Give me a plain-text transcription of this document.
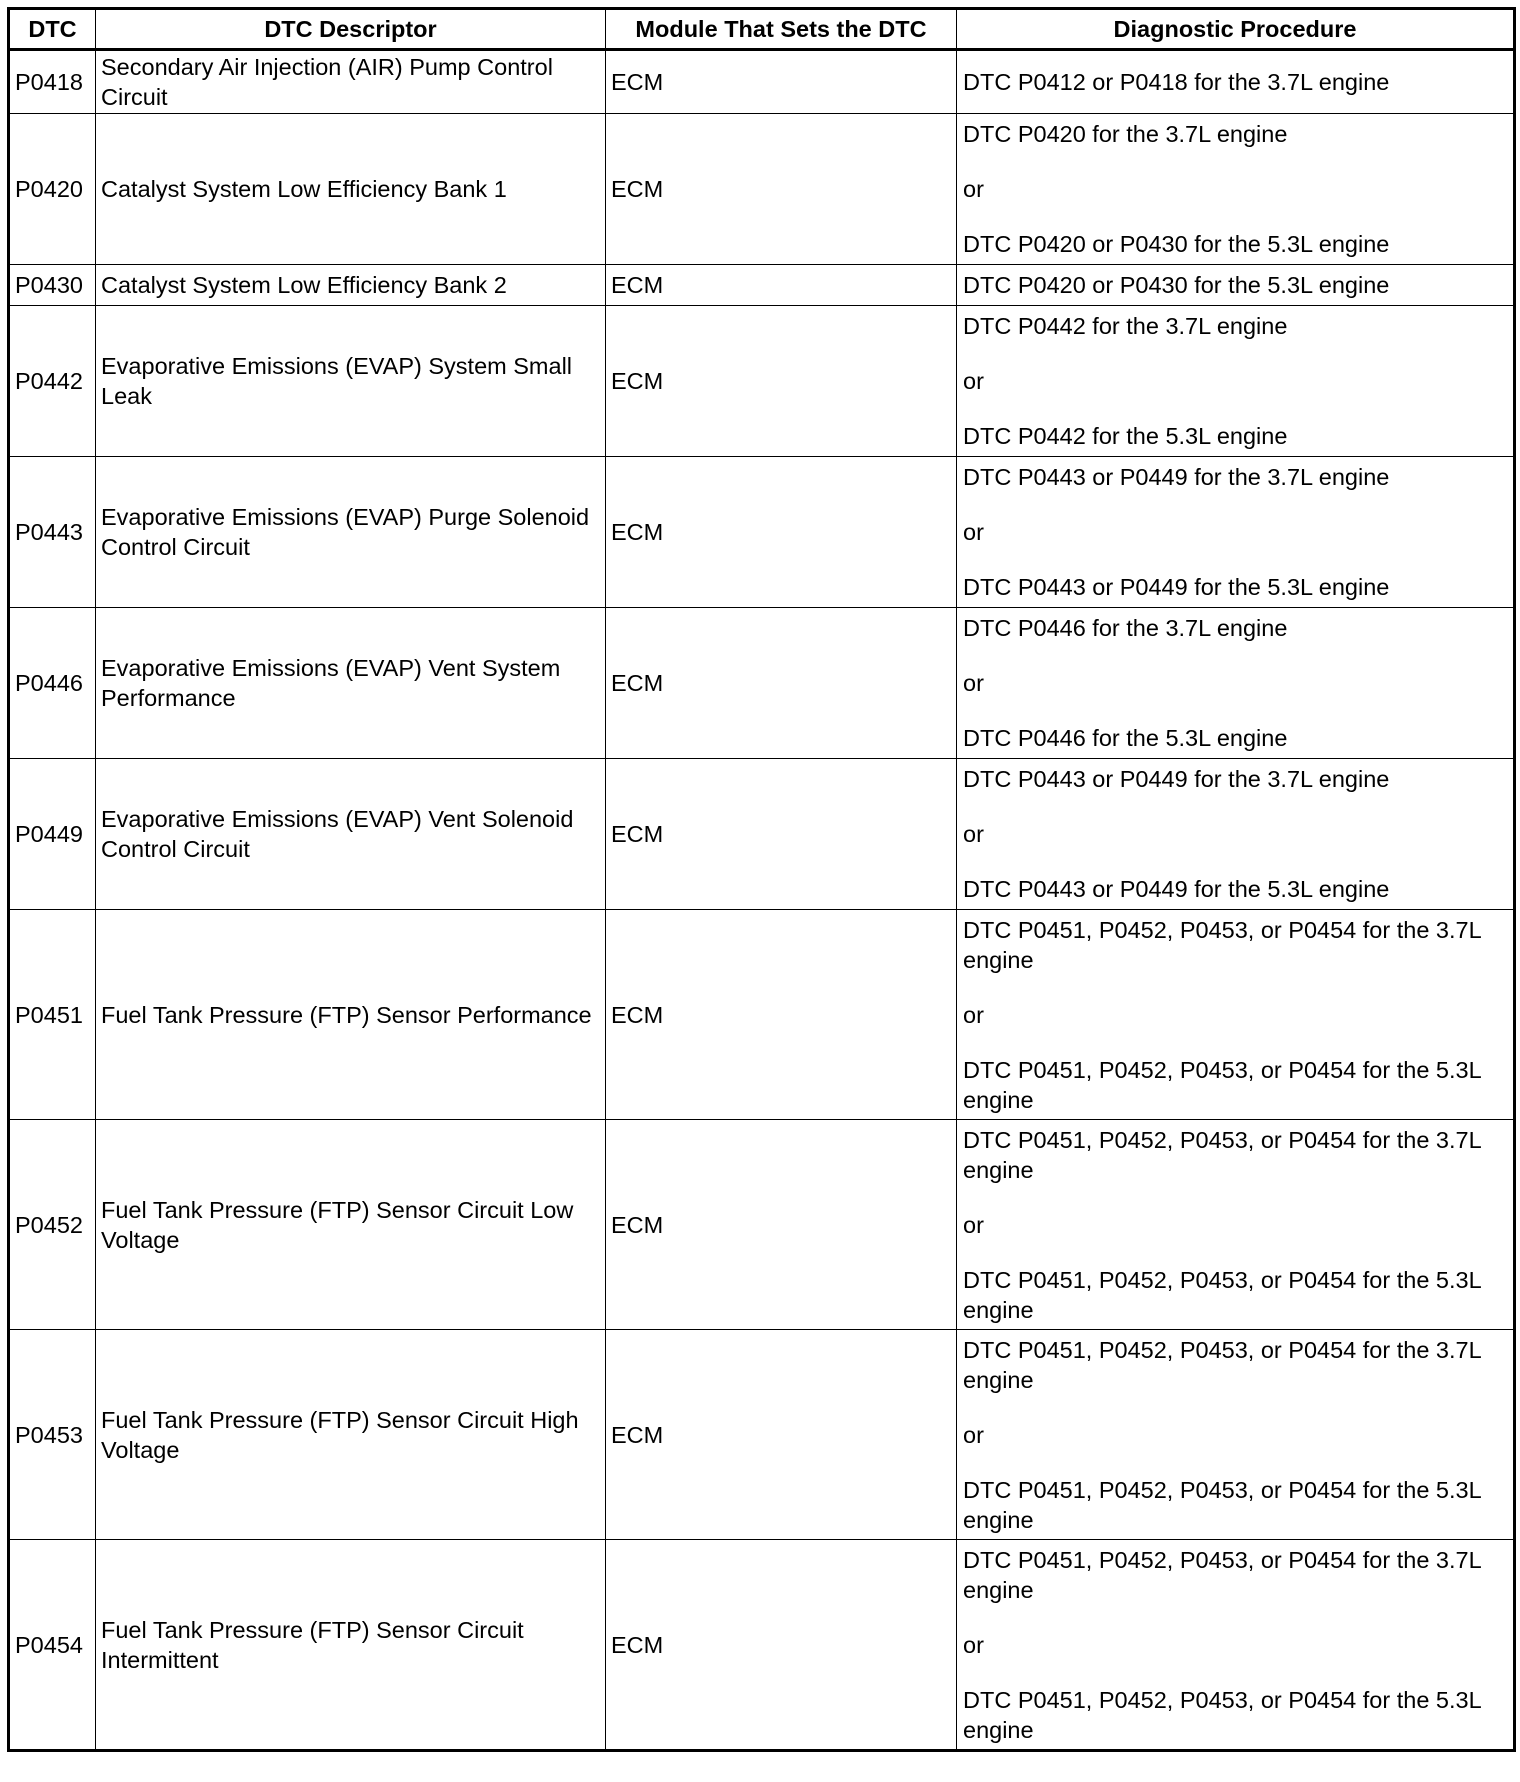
DTC	DTC Descriptor	Module That Sets the DTC	Diagnostic Procedure
P0418	Secondary Air Injection (AIR) Pump Control Circuit	ECM	DTC P0412 or P0418 for the 3.7L engine

P0420	Catalyst System Low Efficiency Bank 1	ECM	DTC P0420 for the 3.7L engine
or
DTC P0420 or P0430 for the 5.3L engine

P0430	Catalyst System Low Efficiency Bank 2	ECM	DTC P0420 or P0430 for the 5.3L engine

P0442	Evaporative Emissions (EVAP) System Small Leak	ECM	DTC P0442 for the 3.7L engine
or
DTC P0442 for the 5.3L engine

P0443	Evaporative Emissions (EVAP) Purge Solenoid Control Circuit	ECM	DTC P0443 or P0449 for the 3.7L engine
or
DTC P0443 or P0449 for the 5.3L engine

P0446	Evaporative Emissions (EVAP) Vent System Performance	ECM	DTC P0446 for the 3.7L engine
or
DTC P0446 for the 5.3L engine

P0449	Evaporative Emissions (EVAP) Vent Solenoid Control Circuit	ECM	DTC P0443 or P0449 for the 3.7L engine
or
DTC P0443 or P0449 for the 5.3L engine

P0451	Fuel Tank Pressure (FTP) Sensor Performance	ECM	DTC P0451, P0452, P0453, or P0454 for the 3.7L engine
or
DTC P0451, P0452, P0453, or P0454 for the 5.3L engine

P0452	Fuel Tank Pressure (FTP) Sensor Circuit Low Voltage	ECM	DTC P0451, P0452, P0453, or P0454 for the 3.7L engine
or
DTC P0451, P0452, P0453, or P0454 for the 5.3L engine

P0453	Fuel Tank Pressure (FTP) Sensor Circuit High Voltage	ECM	DTC P0451, P0452, P0453, or P0454 for the 3.7L engine
or
DTC P0451, P0452, P0453, or P0454 for the 5.3L engine

P0454	Fuel Tank Pressure (FTP) Sensor Circuit Intermittent	ECM	DTC P0451, P0452, P0453, or P0454 for the 3.7L engine
or
DTC P0451, P0452, P0453, or P0454 for the 5.3L engine
